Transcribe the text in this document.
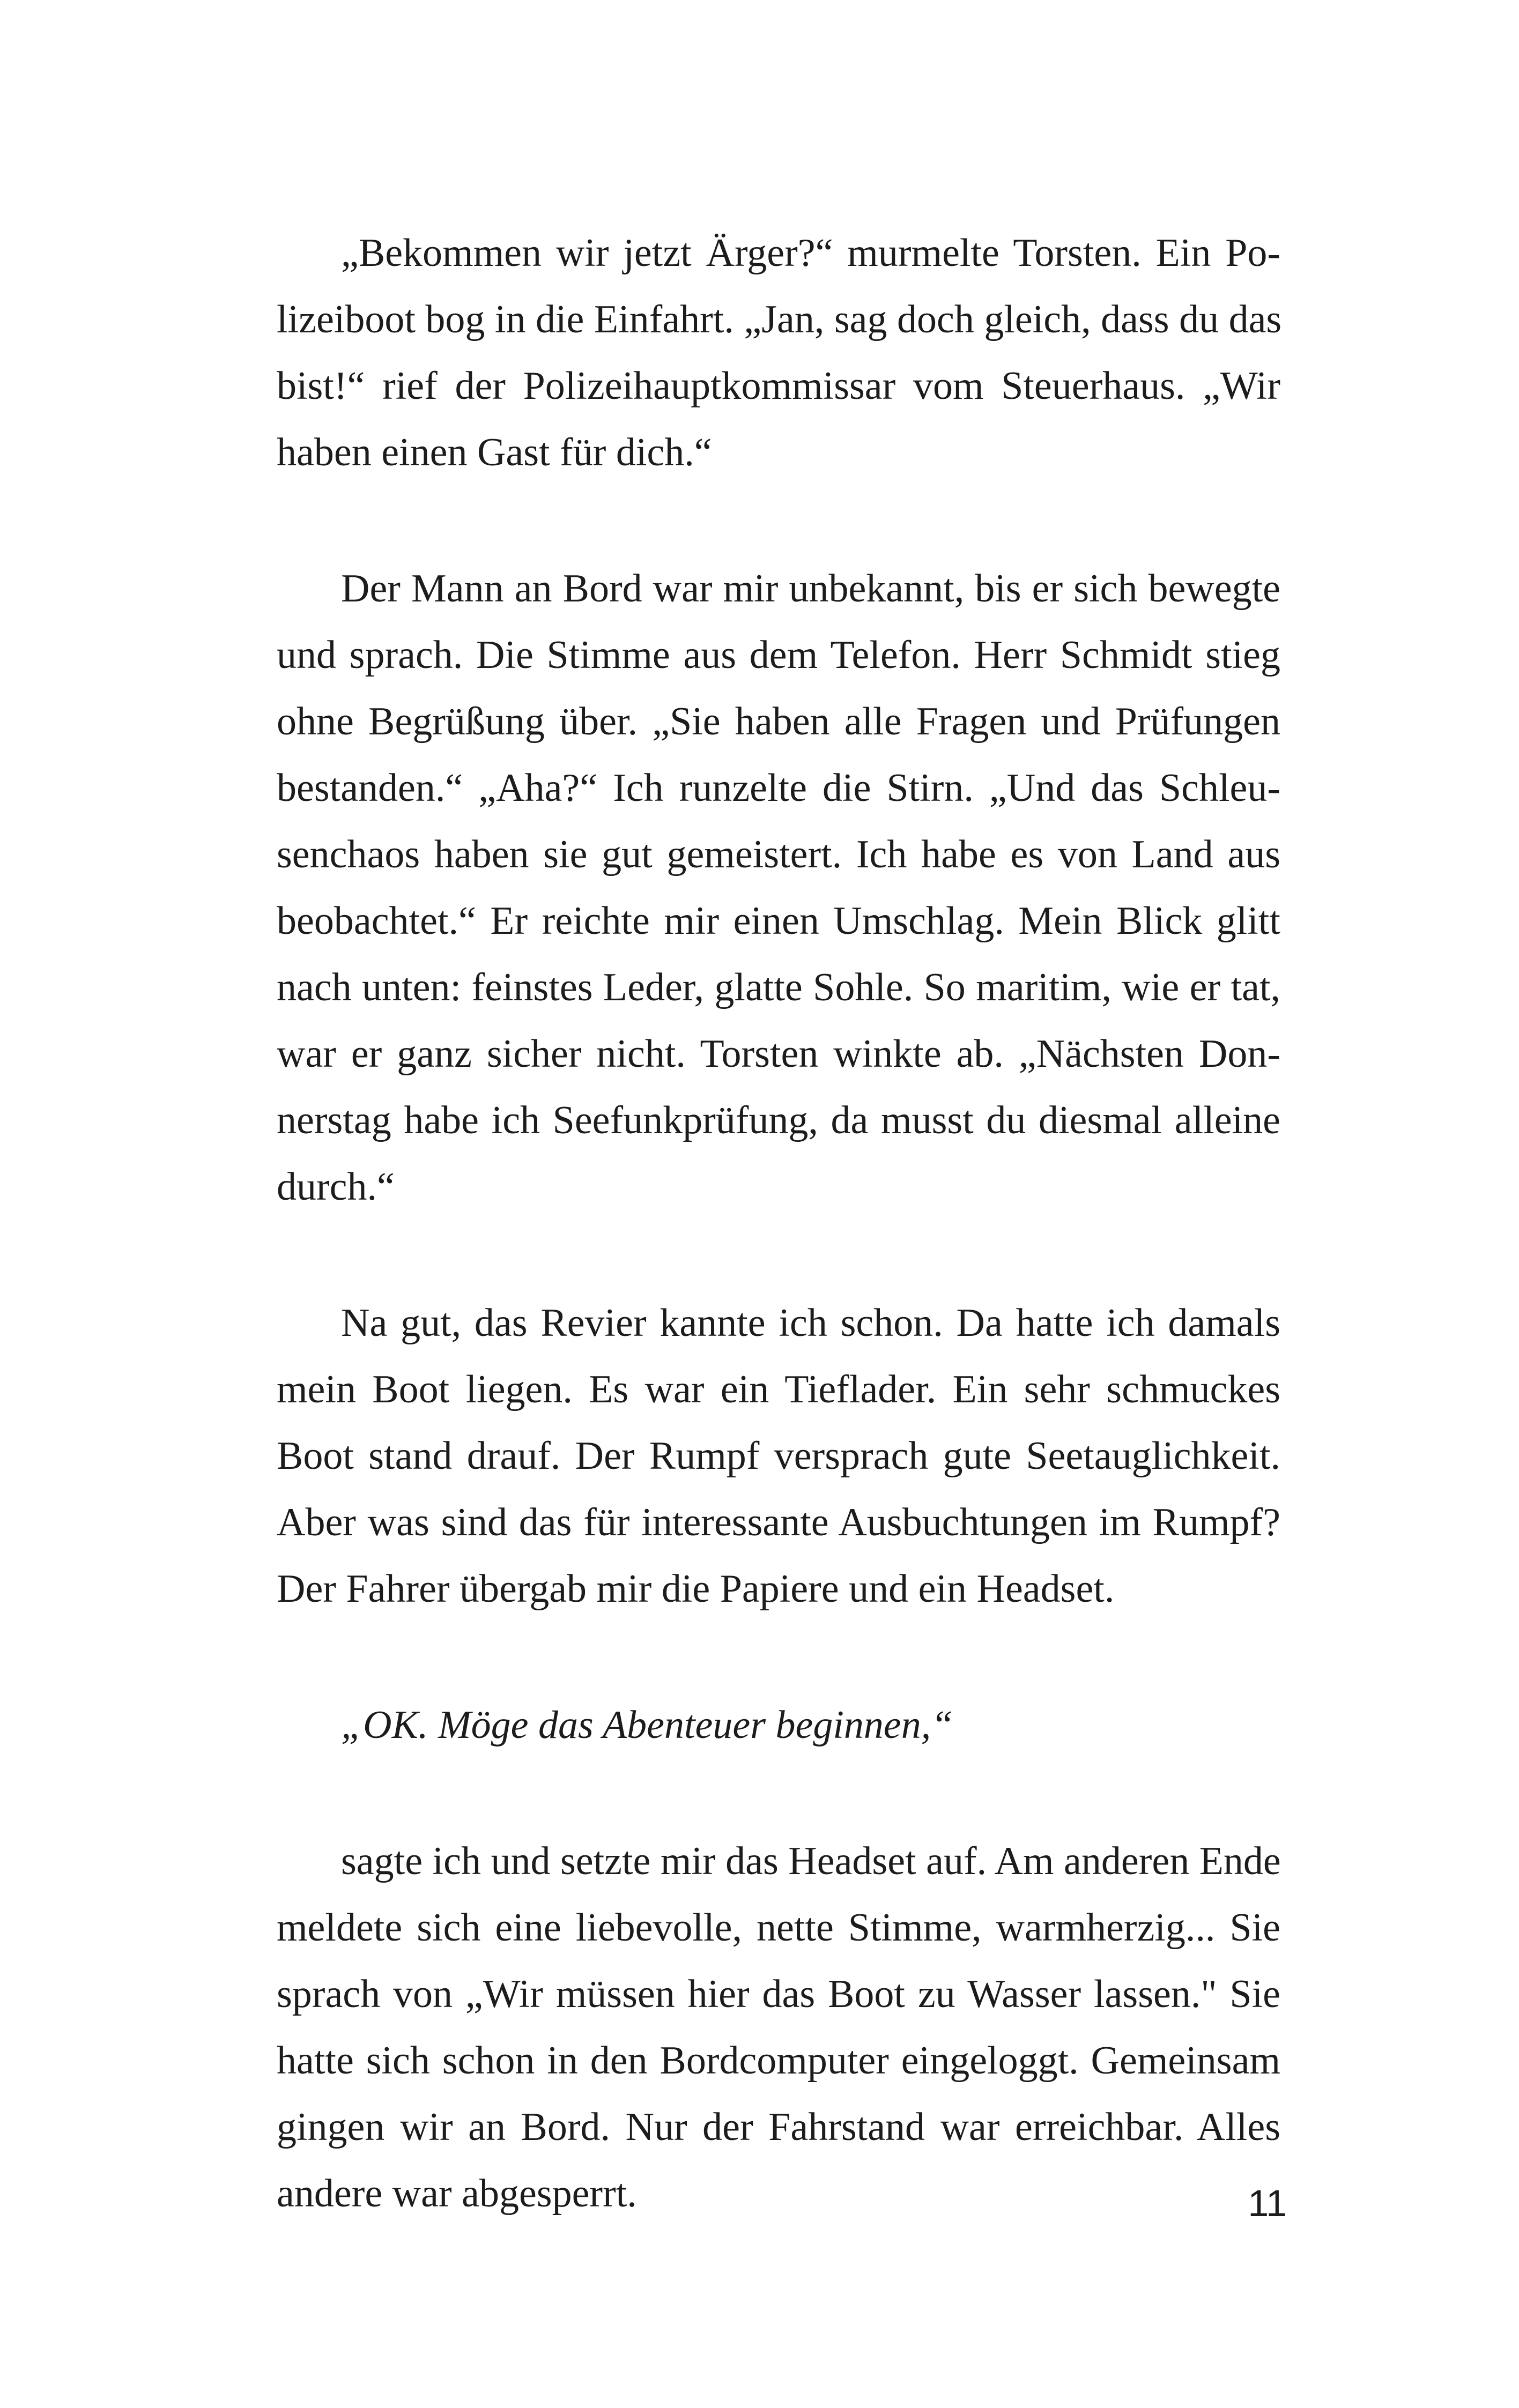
„Bekommen wir jetzt Ärger?“ murmelte Torsten. Ein Po-
lizeiboot bog in die Einfahrt. „Jan, sag doch gleich, dass du das
bist!“ rief der Polizeihauptkommissar vom Steuerhaus. „Wir
haben einen Gast für dich.“
Der Mann an Bord war mir unbekannt, bis er sich bewegte
und sprach. Die Stimme aus dem Telefon. Herr Schmidt stieg
ohne Begrüßung über. „Sie haben alle Fragen und Prüfungen
bestanden.“ „Aha?“ Ich runzelte die Stirn. „Und das Schleu-
senchaos haben sie gut gemeistert. Ich habe es von Land aus
beobachtet.“ Er reichte mir einen Umschlag. Mein Blick glitt
nach unten: feinstes Leder, glatte Sohle. So maritim, wie er tat,
war er ganz sicher nicht. Torsten winkte ab. „Nächsten Don-
nerstag habe ich Seefunkprüfung, da musst du diesmal alleine
durch.“
Na gut, das Revier kannte ich schon. Da hatte ich damals
mein Boot liegen. Es war ein Tieflader. Ein sehr schmuckes
Boot stand drauf. Der Rumpf versprach gute Seetauglichkeit.
Aber was sind das für interessante Ausbuchtungen im Rumpf?
Der Fahrer übergab mir die Papiere und ein Headset.
„OK. Möge das Abenteuer beginnen,“
sagte ich und setzte mir das Headset auf. Am anderen Ende
meldete sich eine liebevolle, nette Stimme, warmherzig... Sie
sprach von „Wir müssen hier das Boot zu Wasser lassen." Sie
hatte sich schon in den Bordcomputer eingeloggt. Gemeinsam
gingen wir an Bord. Nur der Fahrstand war erreichbar. Alles
andere war abgesperrt.	11
